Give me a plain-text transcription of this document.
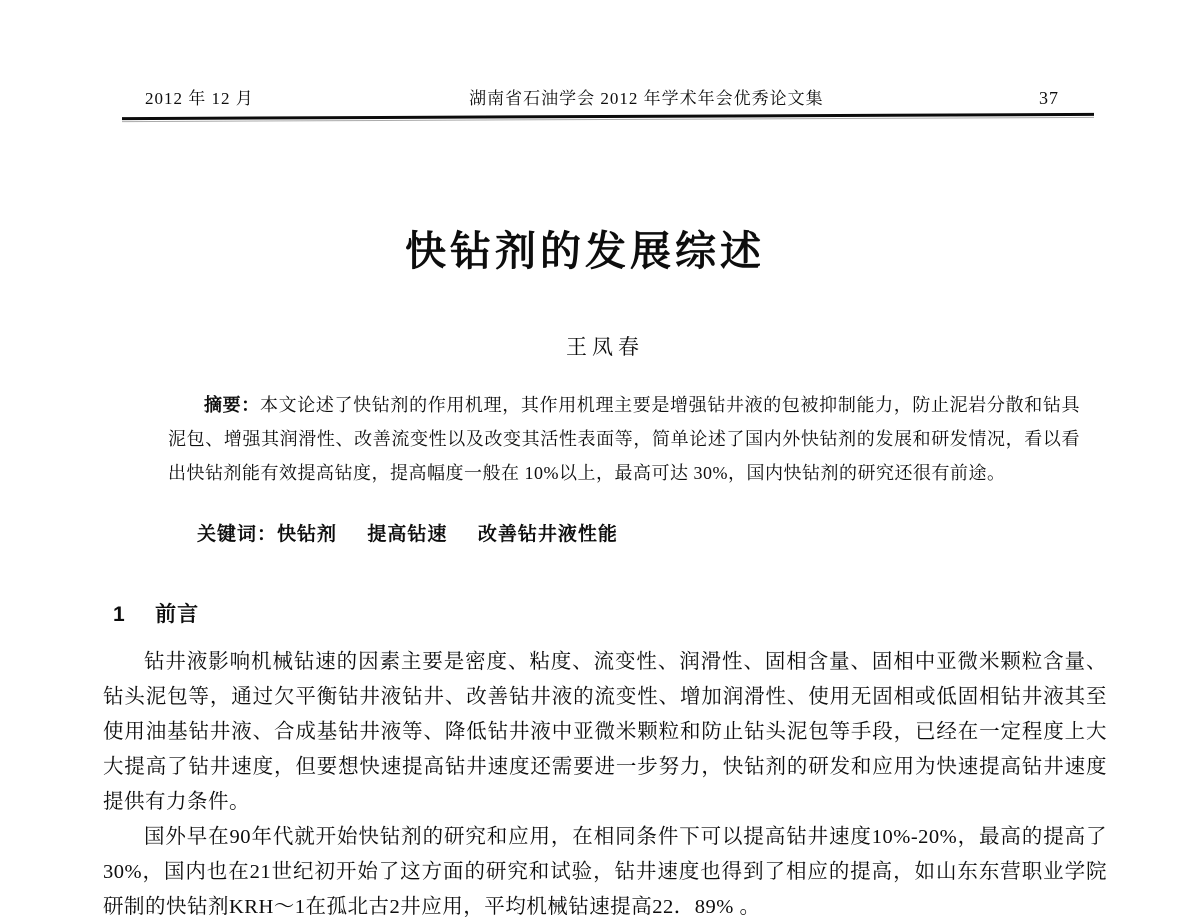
2012 年 12 月	湖南省石油学会 2012 年学术年会优秀论文集	37
快钻剂的发展综述
王凤春
摘要：本文论述了快钻剂的作用机理，其作用机理主要是增强钻井液的包被抑制能力，防止泥岩分散和钻具泥包、增强其润滑性、改善流变性以及改变其活性表面等，简单论述了国内外快钻剂的发展和研发情况，看以看出快钻剂能有效提高钻度，提高幅度一般在 10%以上，最高可达 30%，国内快钻剂的研究还很有前途。
关键词：快钻剂 提高钻速 改善钻井液性能
1 前言

钻井液影响机械钻速的因素主要是密度、粘度、流变性、润滑性、固相含量、固相中亚微米颗粒含量、钻头泥包等，通过欠平衡钻井液钻井、改善钻井液的流变性、增加润滑性、使用无固相或低固相钻井液其至使用油基钻井液、合成基钻井液等、降低钻井液中亚微米颗粒和防止钻头泥包等手段，已经在一定程度上大大提高了钻井速度，但要想快速提高钻井速度还需要进一步努力，快钻剂的研发和应用为快速提高钻井速度提供有力条件。

国外早在90年代就开始快钻剂的研究和应用，在相同条件下可以提高钻井速度10%-20%，最高的提高了30%，国内也在21世纪初开始了这方面的研究和试验，钻井速度也得到了相应的提高，如山东东营职业学院研制的快钻剂KRH～1在孤北古2井应用，平均机械钻速提高22．89% 。
